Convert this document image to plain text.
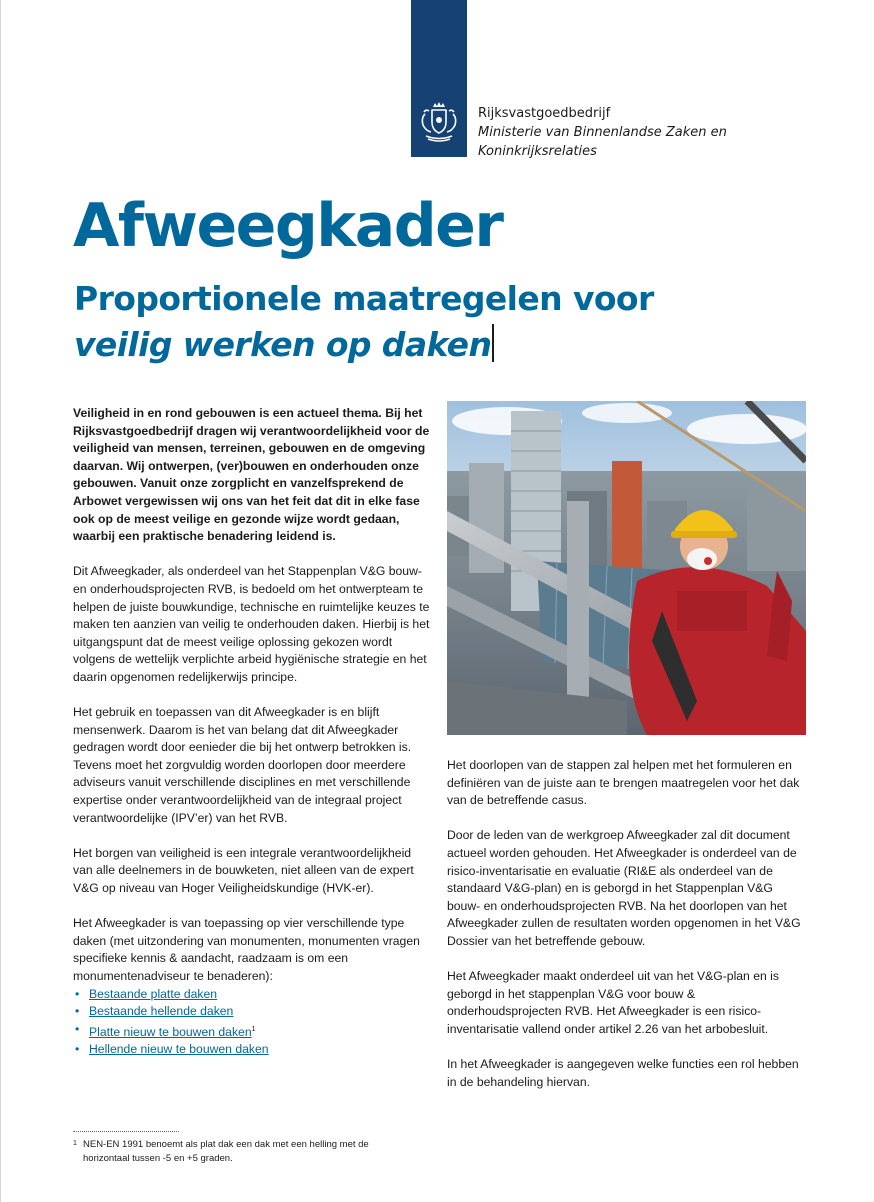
Rijksvastgoedbedrijf
Ministerie van Binnenlandse Zaken en
Koninkrijksrelaties
Afweegkader
Proportionele maatregelen voor
veilig werken op daken

Veiligheid in en rond gebouwen is een actueel thema. Bij het Rijksvastgoedbedrijf dragen wij verantwoordelijkheid voor de veiligheid van mensen, terreinen, gebouwen en de omgeving daarvan. Wij ontwerpen, (ver)bouwen en onderhouden onze gebouwen. Vanuit onze zorgplicht en vanzelfsprekend de Arbowet vergewissen wij ons van het feit dat dit in elke fase ook op de meest veilige en gezonde wijze wordt gedaan, waarbij een praktische benadering leidend is.

Dit Afweegkader, als onderdeel van het Stappenplan V&G bouw- en onderhoudsprojecten RVB, is bedoeld om het ontwerpteam te helpen de juiste bouwkundige, technische en ruimtelijke keuzes te maken ten aanzien van veilig te onderhouden daken. Hierbij is het uitgangspunt dat de meest veilige oplossing gekozen wordt volgens de wettelijk verplichte arbeid hygiënische strategie en het daarin opgenomen redelijkerwijs principe.

Het gebruik en toepassen van dit Afweegkader is en blijft mensenwerk. Daarom is het van belang dat dit Afweegkader gedragen wordt door eenieder die bij het ontwerp betrokken is. Tevens moet het zorgvuldig worden doorlopen door meerdere adviseurs vanuit verschillende disciplines en met verschillende expertise onder verantwoordelijkheid van de integraal project verantwoordelijke (IPV’er) van het RVB.

Het borgen van veiligheid is een integrale verantwoordelijkheid van alle deelnemers in de bouwketen, niet alleen van de expert V&G op niveau van Hoger Veiligheidskundige (HVK-er).

Het Afweegkader is van toepassing op vier verschillende type daken (met uitzondering van monumenten, monumenten vragen specifieke kennis & aandacht, raadzaam is om een monumentenadviseur te benaderen):

• Bestaande platte daken
• Bestaande hellende daken
• Platte nieuw te bouwen daken$^1$
• Hellende nieuw te bouwen daken

Het doorlopen van de stappen zal helpen met het formuleren en definiëren van de juiste aan te brengen maatregelen voor het dak van de betreffende casus.

Door de leden van de werkgroep Afweegkader zal dit document actueel worden gehouden. Het Afweegkader is onderdeel van de risico-inventarisatie en evaluatie (RI&E als onderdeel van de standaard V&G-plan) en is geborgd in het Stappenplan V&G bouw- en onderhoudsprojecten RVB. Na het doorlopen van het Afweegkader zullen de resultaten worden opgenomen in het V&G Dossier van het betreffende gebouw.

Het Afweegkader maakt onderdeel uit van het V&G-plan en is geborgd in het stappenplan V&G voor bouw & onderhoudsprojecten RVB. Het Afweegkader is een risico-inventarisatie vallend onder artikel 2.26 van het arbobesluit.

In het Afweegkader is aangegeven welke functies een rol hebben in de behandeling hiervan.

1 NEN-EN 1991 benoemt als plat dak een dak met een helling met de horizontaal tussen -5 en +5 graden.
